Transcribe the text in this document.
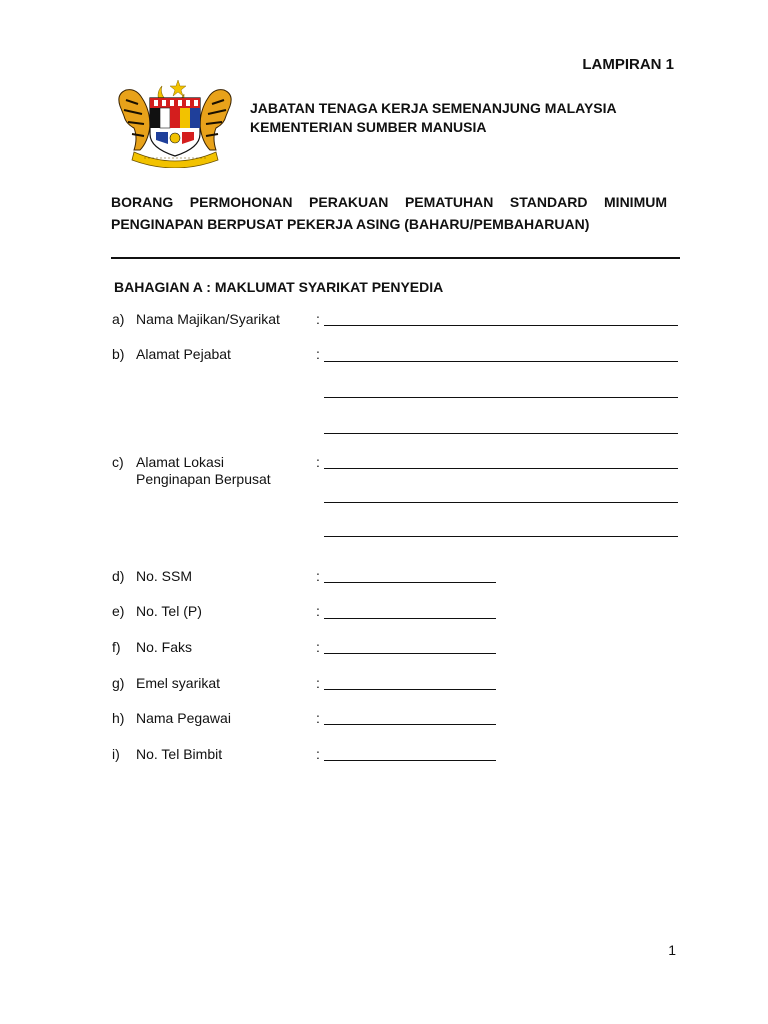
LAMPIRAN 1
JABATAN TENAGA KERJA SEMENANJUNG MALAYSIA
KEMENTERIAN SUMBER MANUSIA
BORANG PERMOHONAN PERAKUAN PEMATUHAN STANDARD MINIMUM
PENGINAPAN BERPUSAT PEKERJA ASING (BAHARU/PEMBAHARUAN)
BAHAGIAN A : MAKLUMAT SYARIKAT PENYEDIA
a) Nama Majikan/Syarikat	:
b) Alamat Pejabat	:
c) Alamat Lokasi
Penginapan Berpusat
:
d) No. SSM	:
e) No. Tel (P)	:
f)	No. Faks	:
g) Emel syarikat	:
h) Nama Pegawai	:
i)	No. Tel Bimbit	:
1
